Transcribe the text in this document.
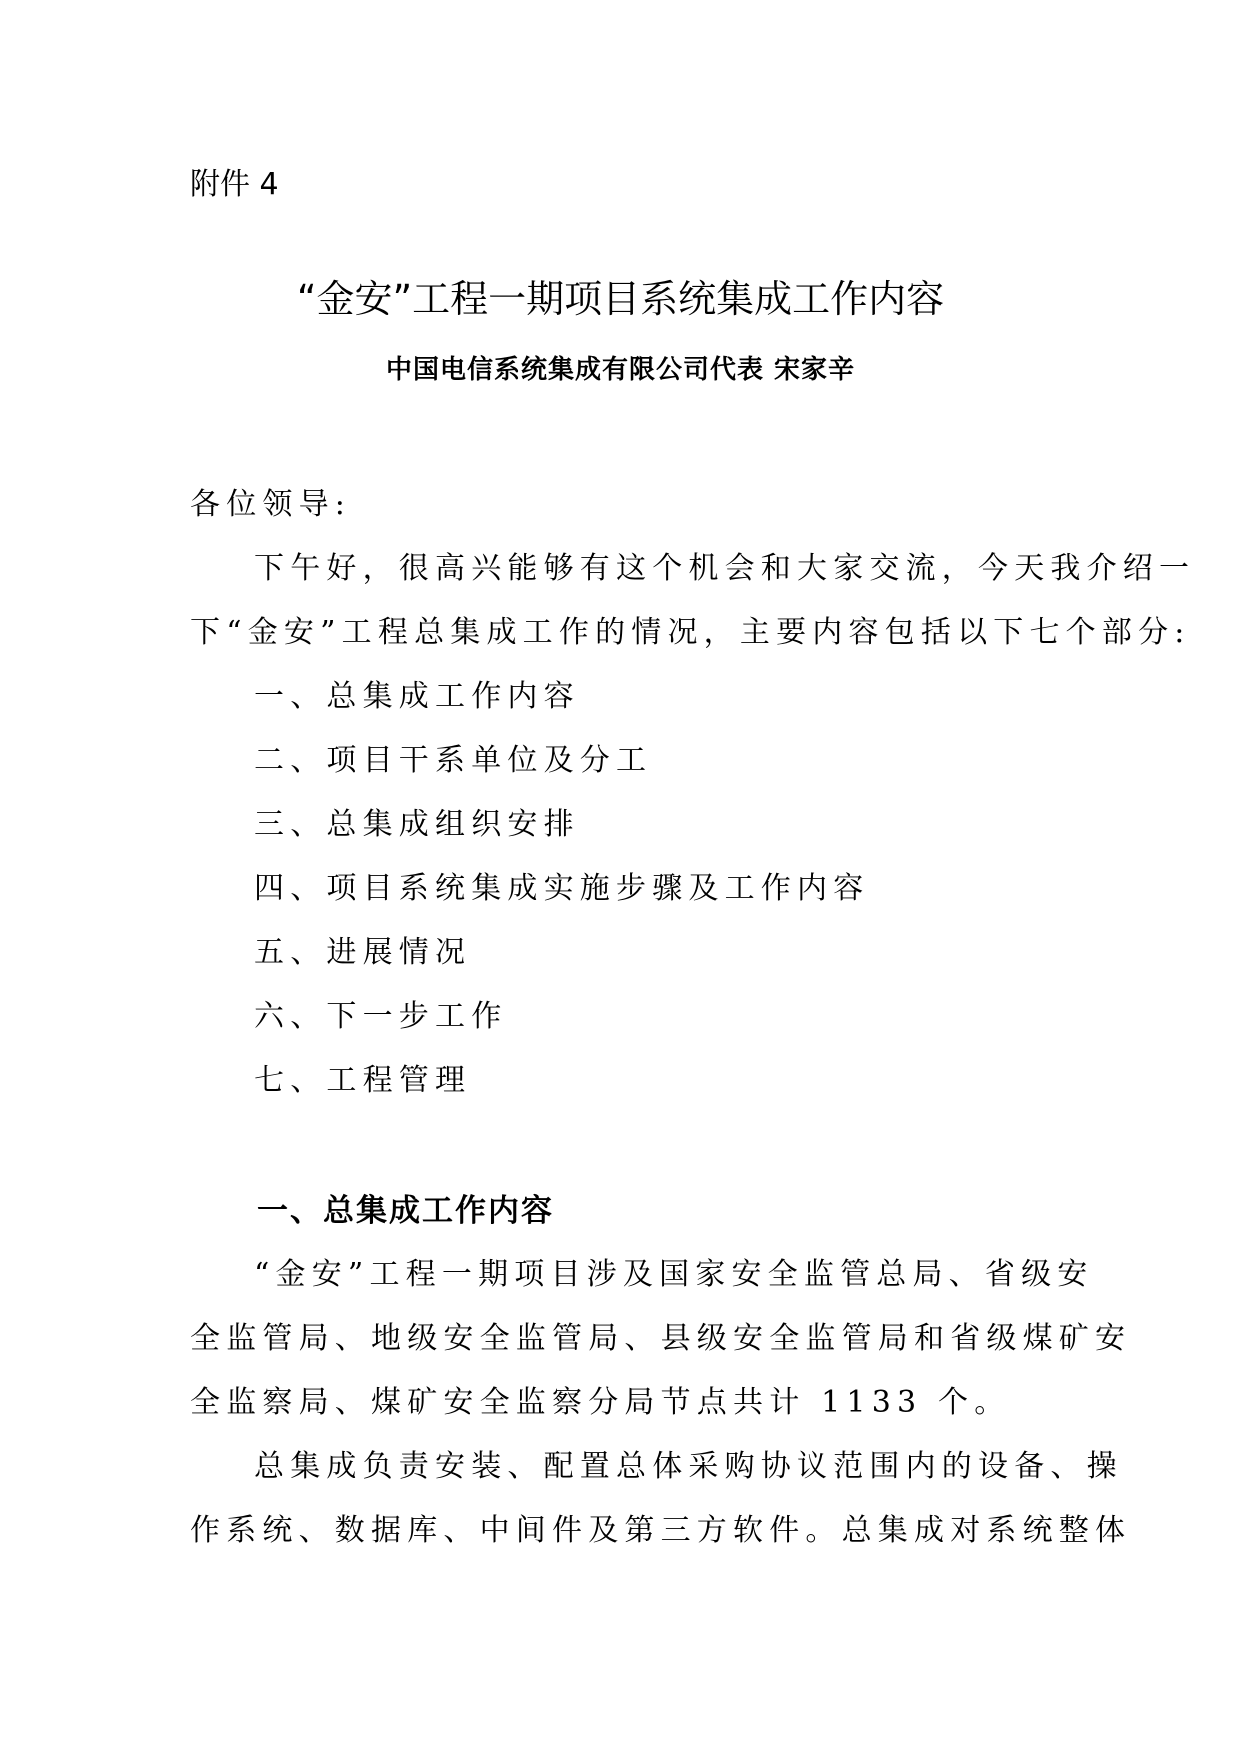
附件 4
“金安”工程一期项目系统集成工作内容
中国电信系统集成有限公司代表 宋家辛
各位领导:
下午好，很高兴能够有这个机会和大家交流，今天我介绍一
下“金安”工程总集成工作的情况，主要内容包括以下七个部分:
一、总集成工作内容
二、项目干系单位及分工
三、总集成组织安排
四、项目系统集成实施步骤及工作内容
五、进展情况
六、下一步工作
七、工程管理
一、总集成工作内容
“金安”工程一期项目涉及国家安全监管总局、省级安
全监管局、地级安全监管局、县级安全监管局和省级煤矿安
全监察局、煤矿安全监察分局节点共计 1133 个。
总集成负责安装、配置总体采购协议范围内的设备、操
作系统、数据库、中间件及第三方软件。总集成对系统整体
